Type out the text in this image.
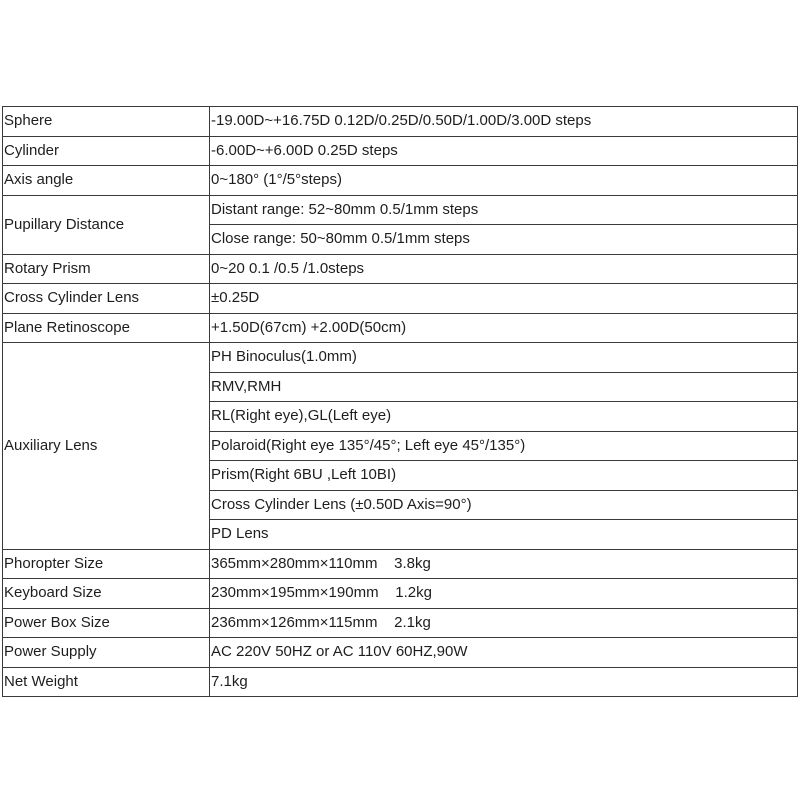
Sphere	-19.00D~+16.75D 0.12D/0.25D/0.50D/1.00D/3.00D steps
Cylinder	-6.00D~+6.00D 0.25D steps
Axis angle	0~180° (1°/5°steps)
Pupillary Distance	Distant range: 52~80mm 0.5/1mm steps
	Close range: 50~80mm 0.5/1mm steps
Rotary Prism	0~20 0.1 /0.5 /1.0steps
Cross Cylinder Lens	±0.25D
Plane Retinoscope	+1.50D(67cm) +2.00D(50cm)
Auxiliary Lens	PH Binoculus(1.0mm)
	RMV,RMH
	RL(Right eye),GL(Left eye)
	Polaroid(Right eye 135°/45°; Left eye 45°/135°)
	Prism(Right 6BU ,Left 10BI)
	Cross Cylinder Lens (±0.50D Axis=90°)
	PD Lens
Phoropter Size	365mm×280mm×110mm    3.8kg
Keyboard Size	230mm×195mm×190mm    1.2kg
Power Box Size	236mm×126mm×115mm    2.1kg
Power Supply	AC 220V 50HZ or AC 110V 60HZ,90W
Net Weight	7.1kg
